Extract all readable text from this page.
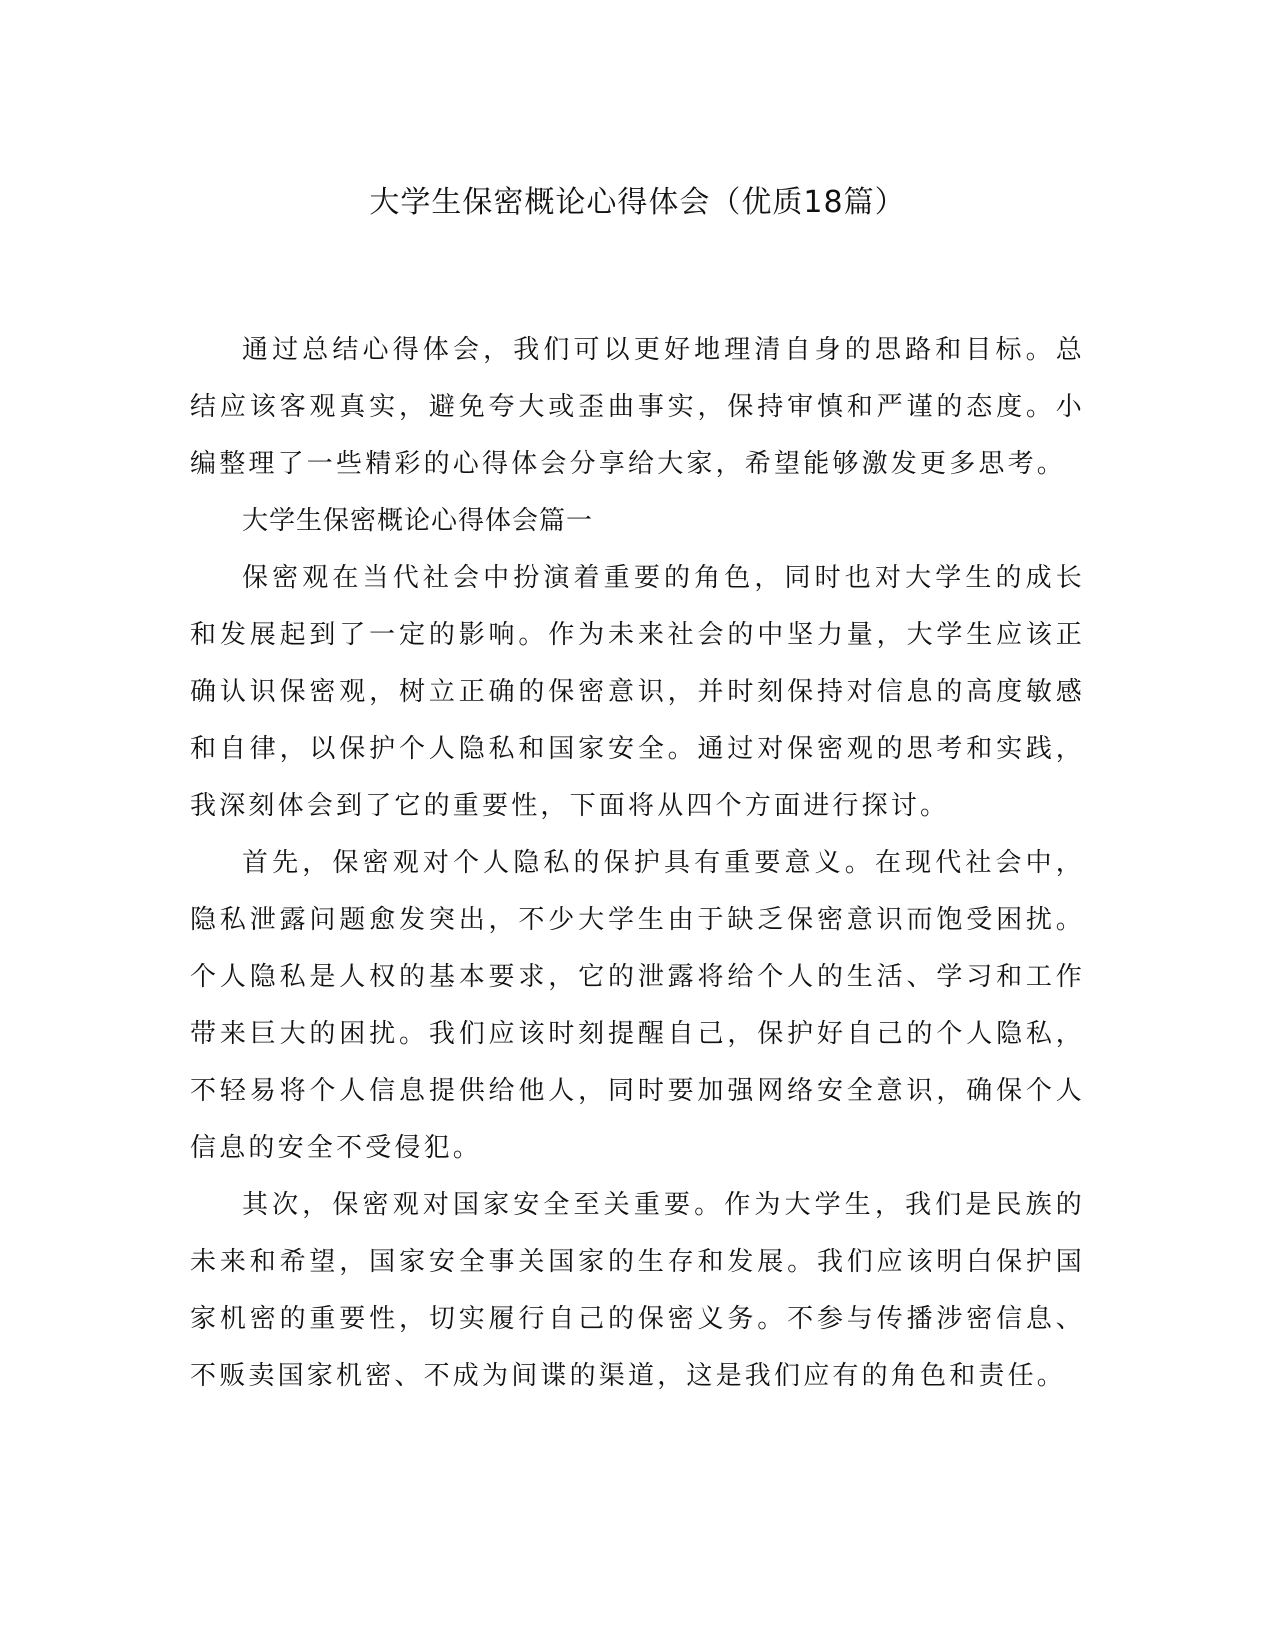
大学生保密概论心得体会（优质18篇）

通过总结心得体会，我们可以更好地理清自身的思路和目标。总结应该客观真实，避免夸大或歪曲事实，保持审慎和严谨的态度。小编整理了一些精彩的心得体会分享给大家，希望能够激发更多思考。

大学生保密概论心得体会篇一

保密观在当代社会中扮演着重要的角色，同时也对大学生的成长和发展起到了一定的影响。作为未来社会的中坚力量，大学生应该正确认识保密观，树立正确的保密意识，并时刻保持对信息的高度敏感和自律，以保护个人隐私和国家安全。通过对保密观的思考和实践，我深刻体会到了它的重要性，下面将从四个方面进行探讨。

首先，保密观对个人隐私的保护具有重要意义。在现代社会中，隐私泄露问题愈发突出，不少大学生由于缺乏保密意识而饱受困扰。个人隐私是人权的基本要求，它的泄露将给个人的生活、学习和工作带来巨大的困扰。我们应该时刻提醒自己，保护好自己的个人隐私，不轻易将个人信息提供给他人，同时要加强网络安全意识，确保个人信息的安全不受侵犯。

其次，保密观对国家安全至关重要。作为大学生，我们是民族的未来和希望，国家安全事关国家的生存和发展。我们应该明白保护国家机密的重要性，切实履行自己的保密义务。不参与传播涉密信息、不贩卖国家机密、不成为间谍的渠道，这是我们应有的角色和责任。
